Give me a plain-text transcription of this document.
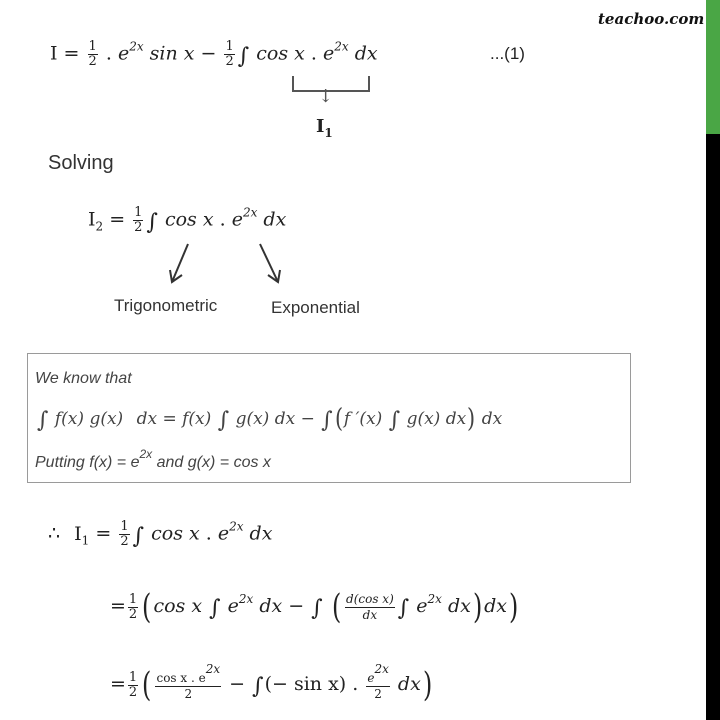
teachoo.com
$I = \frac{1}{2}$ . $e^{2x}$ $\sin x - \frac{1}{2}$ ∫ cos x . $e^{2x}$ dx	...(1)
↓
$I_1$
Solving
$I_2 = \frac{1}{2}$ ∫ cos x . $e^{2x}$ dx
Trigonometric	Exponential
We know that
∫ f(x) g(x) dx = f(x) ∫ g(x) dx − ∫(f ′(x) ∫ g(x) dx) dx
Putting $f(x) = e^{2x}$ and g(x) = cos x
∴ $I_1 = \frac{1}{2}$ ∫ cos x . $e^{2x}$ dx
= $\frac{1}{2}$ ( cos x ∫ $e^{2x}$ dx − ∫ ( $\frac{\text{d(cos x)}}{dx}$ ∫ $e^{2x}$ dx) dx)
= $\frac{1}{2}$ ( $\frac{\cos x . e^{2x}}{2}$ − ∫(− sin x) . $\frac{e^{2x}}{2} dx$)
